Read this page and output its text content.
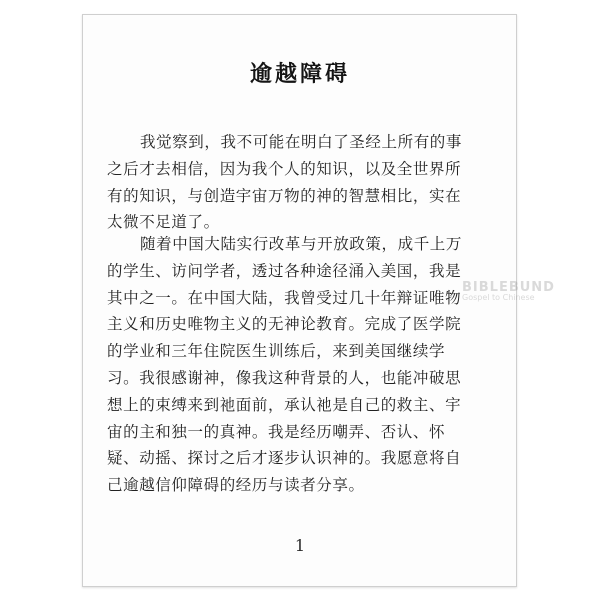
逾越障碍
我觉察到，我不可能在明白了圣经上所有的事
之后才去相信，因为我个人的知识，以及全世界所
有的知识，与创造宇宙万物的神的智慧相比，实在
太微不足道了。
随着中国大陆实行改革与开放政策，成千上万
的学生、访问学者，透过各种途径涌入美国，我是
其中之一。在中国大陆，我曾受过几十年辩证唯物
主义和历史唯物主义的无神论教育。完成了医学院
的学业和三年住院医生训练后，来到美国继续学
习。我很感谢神，像我这种背景的人，也能冲破思
想上的束缚来到祂面前，承认祂是自己的救主、宇
宙的主和独一的真神。我是经历嘲弄、否认、怀
疑、动摇、探讨之后才逐步认识神的。我愿意将自
己逾越信仰障碍的经历与读者分享。
1
BIBLEBUND
Gospel to Chinese
